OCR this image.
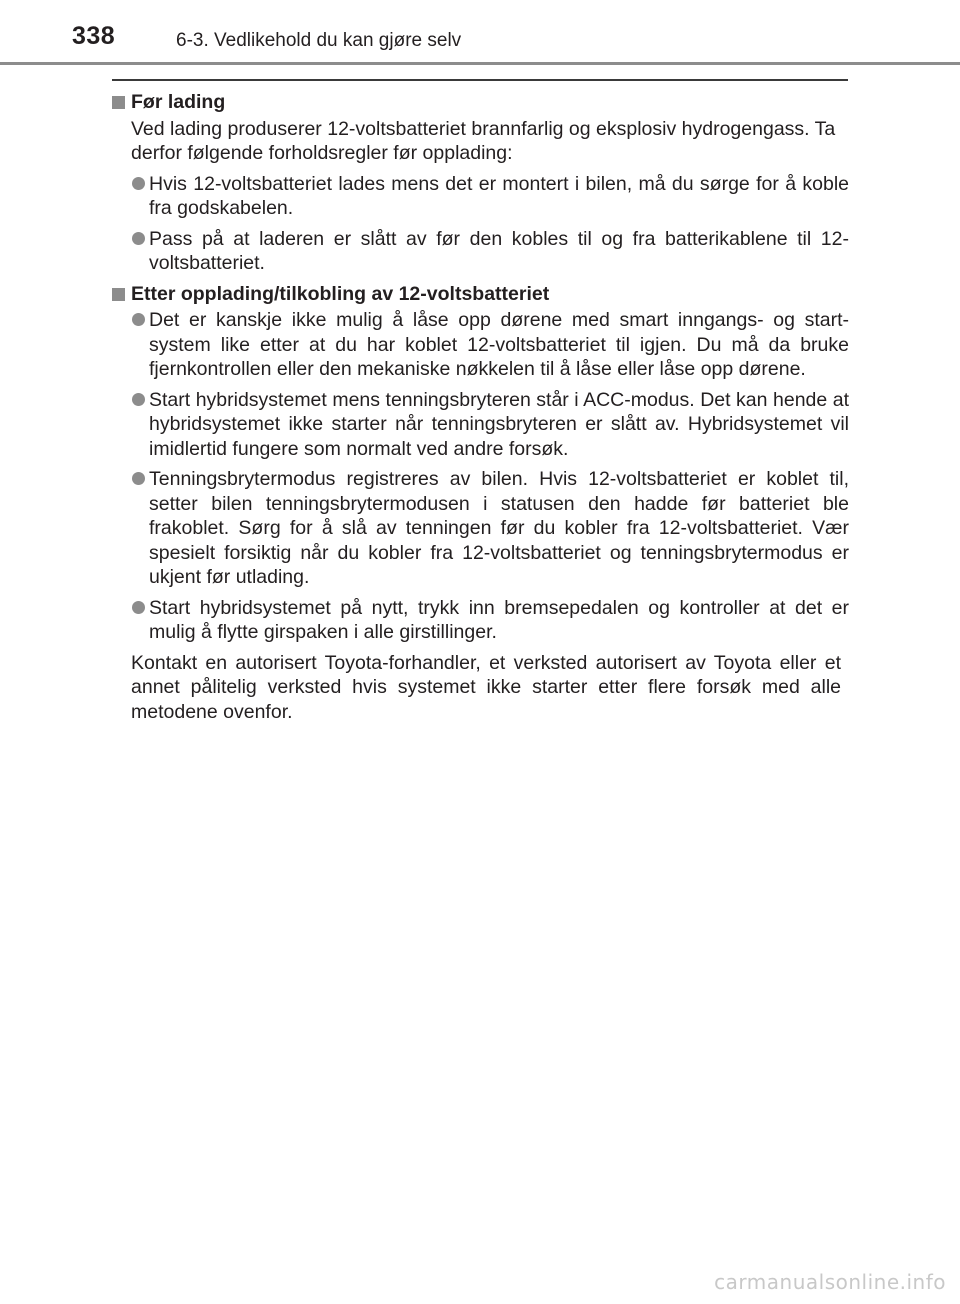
338	6-3. Vedlikehold du kan gjøre selv
Før lading
Ved lading produserer 12-voltsbatteriet brannfarlig og eksplosiv hydrogengass. Ta derfor følgende forholdsregler før opplading:
Hvis 12-voltsbatteriet lades mens det er montert i bilen, må du sørge for å koble fra godskabelen.
Pass på at laderen er slått av før den kobles til og fra batterikablene til 12-voltsbatteriet.
Etter opplading/tilkobling av 12-voltsbatteriet
Det er kanskje ikke mulig å låse opp dørene med smart inngangs- og start-system like etter at du har koblet 12-voltsbatteriet til igjen. Du må da bruke fjernkontrollen eller den mekaniske nøkkelen til å låse eller låse opp dørene.
Start hybridsystemet mens tenningsbryteren står i ACC-modus. Det kan hende at hybridsystemet ikke starter når tenningsbryteren er slått av. Hybridsystemet vil imidlertid fungere som normalt ved andre forsøk.
Tenningsbrytermodus registreres av bilen. Hvis 12-voltsbatteriet er koblet til, setter bilen tenningsbrytermodusen i statusen den hadde før batteriet ble frakoblet. Sørg for å slå av tenningen før du kobler fra 12-voltsbatteriet. Vær spesielt forsiktig når du kobler fra 12-voltsbatteriet og tenningsbrytermodus er ukjent før utlading.
Start hybridsystemet på nytt, trykk inn bremsepedalen og kontroller at det er mulig å flytte girspaken i alle girstillinger.
Kontakt en autorisert Toyota-forhandler, et verksted autorisert av Toyota eller et annet pålitelig verksted hvis systemet ikke starter etter flere forsøk med alle metodene ovenfor.
carmanualsonline.info
